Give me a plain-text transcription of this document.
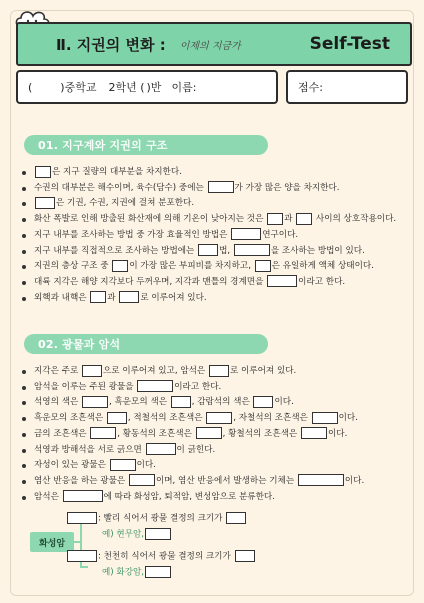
Ⅱ. 지권의 변화 : 이제의 지금가	Self-Test
(	)중학교 2학년 ( )반 이름:	점수:
01. 지구계와 지권의 구조
은 지구 질량의 대부분을 차지한다.
수권의 대부분은 해수이며, 육수(담수) 중에는	가 가장 많은 양을 차지한다.
은 기권, 수권, 지권에 걸쳐 분포한다.
화산 폭발로 인해 방출된 화산재에 의해 기온이 낮아지는 것은 과  사이의 상호작용이다.
지구 내부를 조사하는 방법 중 가장 효율적인 방법은	연구이다.
지구 내부를 직접적으로 조사하는 방법에는	법,	을 조사하는 방법이 있다.
지권의 층상 구조 중 이 가장 많은 부피비를 차지하고, 은 유일하게 액체 상태이다.
대륙 지각은 해양 지각보다 두꺼우며, 지각과 맨틀의 경계면을	이라고 한다.
외핵과 내핵은 과	로 이루어져 있다.
02. 광물과 암석
지각은 주로	으로 이루어져 있고, 암석은	로 이루어져 있다.
암석을 이루는 주된 광물을	이라고 한다.
석영의 색은	, 흑운모의 색은	, 감람석의 색은	이다.
흑운모의 조흔색은	, 적철석의 조흔색은	, 자철석의 조흔색은	이다.
금의 조흔색은	, 황동석의 조흔색은	, 황철석의 조흔색은	이다.
석영과 방해석을 서로 긁으면	이 긁힌다.
자성이 있는 광물은	이다.
염산 반응을 하는 광물은	이며, 염산 반응에서 발생하는 기체는	이다.
암석은	에 따라 화성암, 퇴적암, 변성암으로 분류한다.
화성암
: 빨리 식어서 광물 결정의 크기가
예) 현무암,
: 천천히 식어서 광물 결정의 크기가
예) 화강암,
